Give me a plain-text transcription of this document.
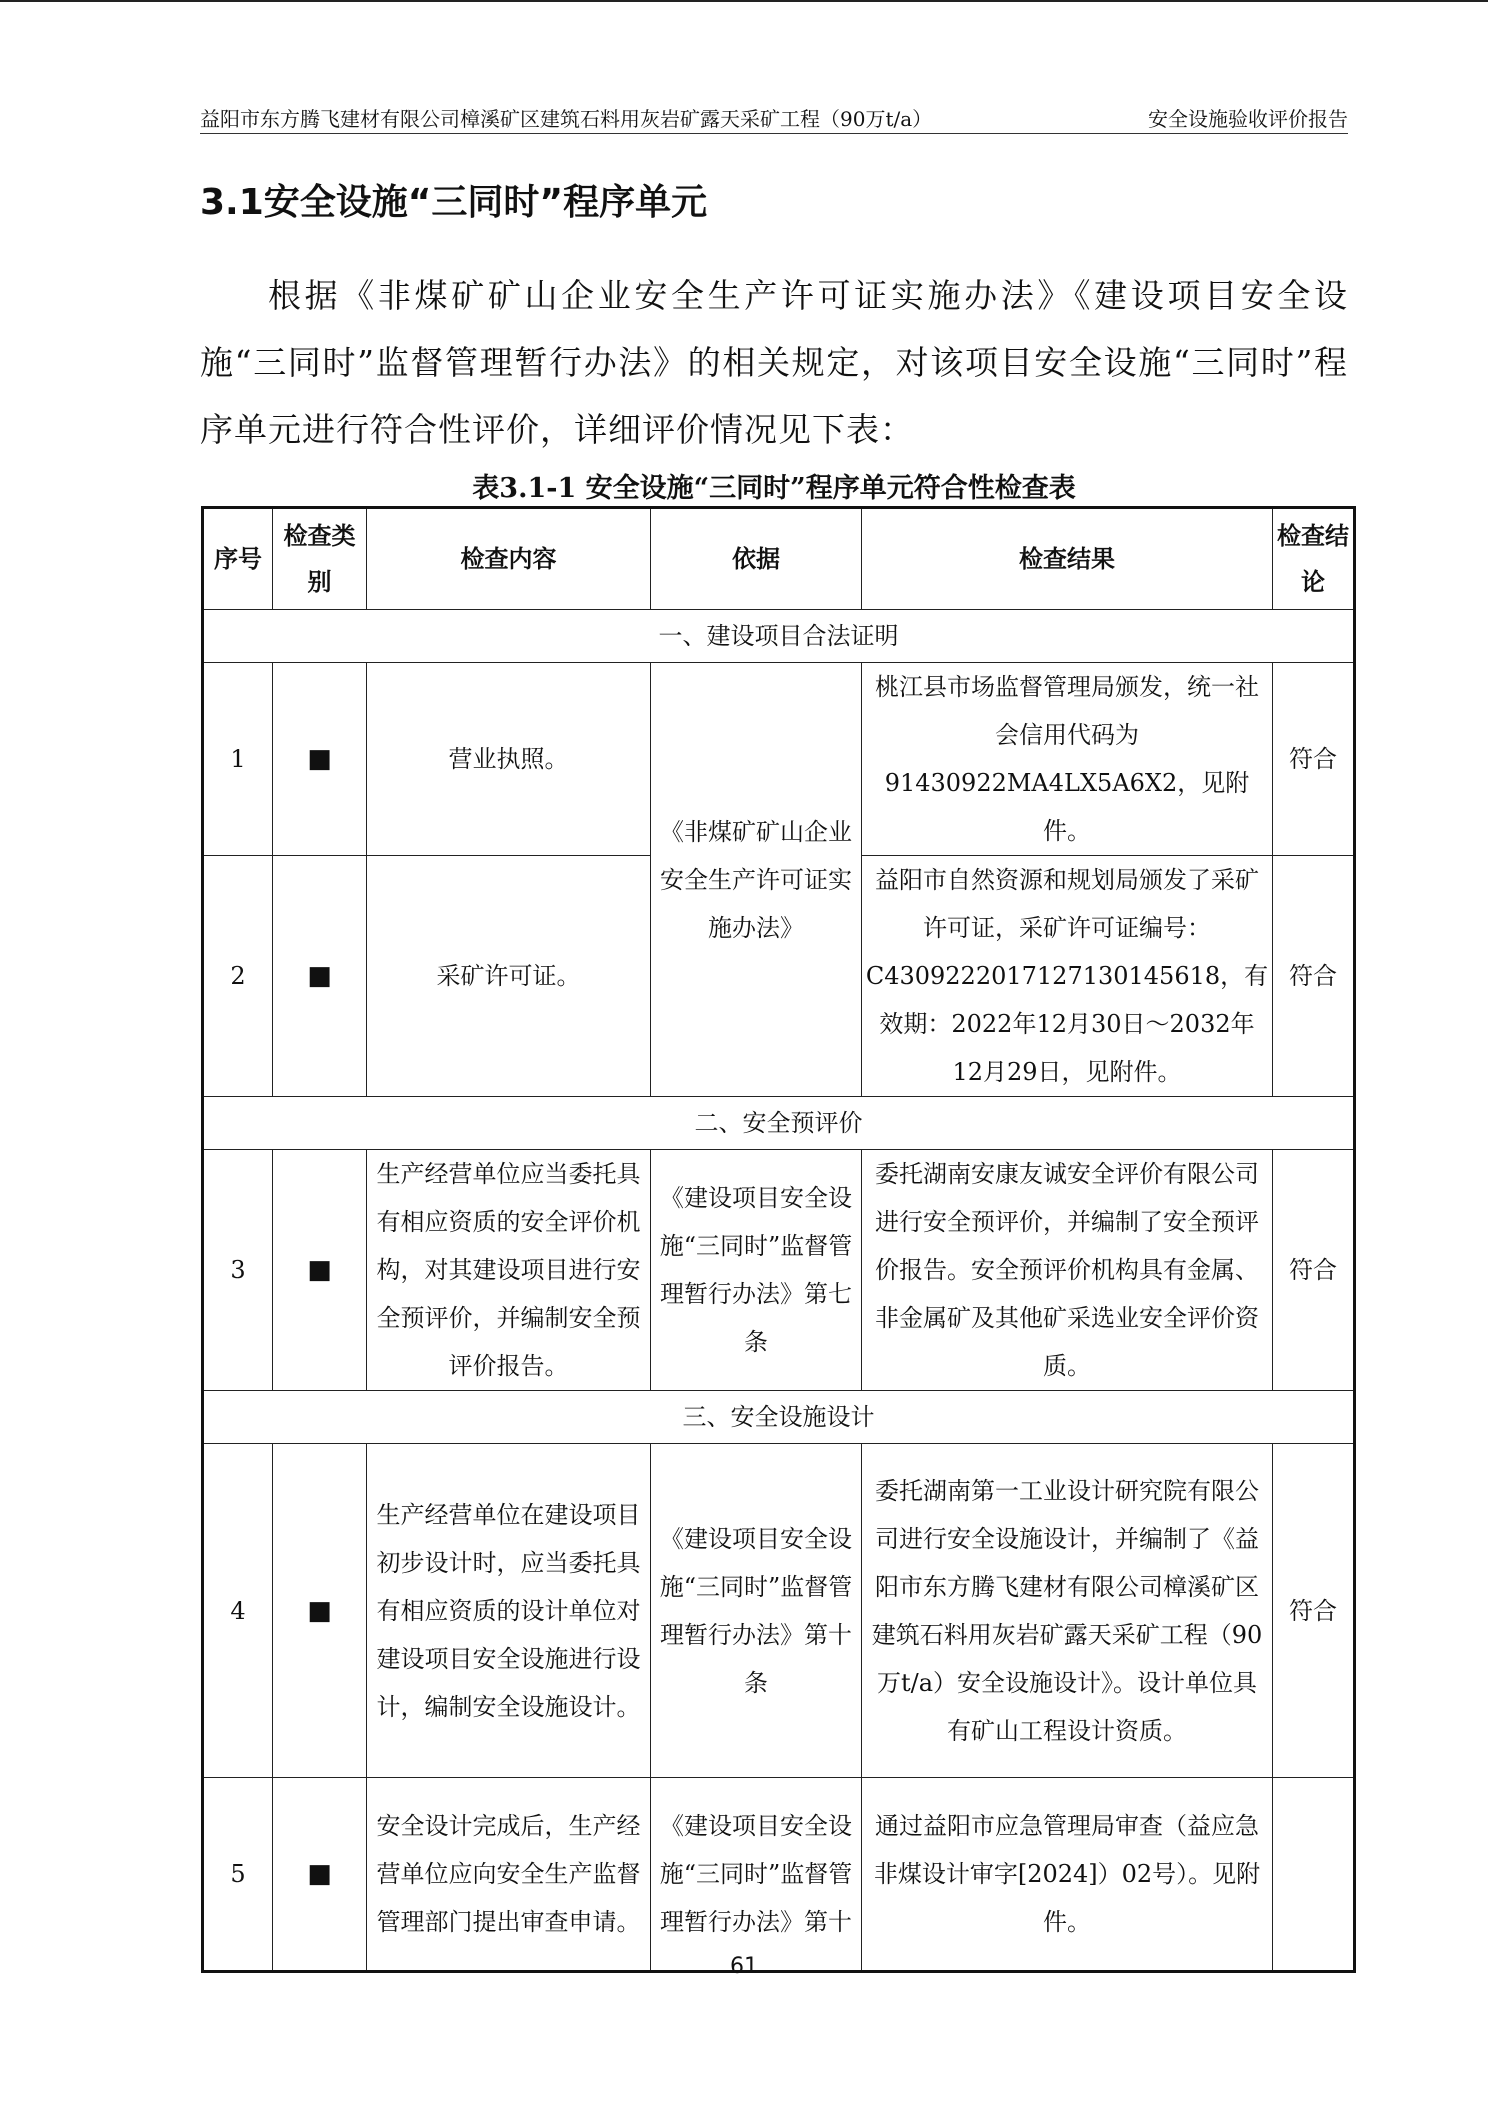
益阳市东方腾飞建材有限公司樟溪矿区建筑石料用灰岩矿露天采矿工程（90万t/a）	安全设施验收评价报告
3.1安全设施“三同时”程序单元

根据《非煤矿矿山企业安全生产许可证实施办法》《建设项目安全设施“三同时”监督管理暂行办法》的相关规定，对该项目安全设施“三同时”程序单元进行符合性评价，详细评价情况见下表：

表3.1-1 安全设施“三同时”程序单元符合性检查表
序号	检查类别	检查内容	依据	检查结果	检查结论
一、建设项目合法证明					
1	■	营业执照。	《非煤矿矿山企业安全生产许可证实施办法》	桃江县市场监督管理局颁发，统一社会信用代码为91430922MA4LX5A6X2，见附件。	符合
2	■	采矿许可证。		益阳市自然资源和规划局颁发了采矿许可证，采矿许可证编号：C4309222017127130145618，有效期：2022年12月30日～2032年12月29日，见附件。	符合
二、安全预评价					
3	■	生产经营单位应当委托具有相应资质的安全评价机构，对其建设项目进行安全预评价，并编制安全预评价报告。	《建设项目安全设施“三同时”监督管理暂行办法》第七条	委托湖南安康友诚安全评价有限公司进行安全预评价，并编制了安全预评价报告。安全预评价机构具有金属、非金属矿及其他矿采选业安全评价资质。	符合
三、安全设施设计					
4	■	生产经营单位在建设项目初步设计时，应当委托具有相应资质的设计单位对建设项目安全设施进行设计，编制安全设施设计。	《建设项目安全设施“三同时”监督管理暂行办法》第十条	委托湖南第一工业设计研究院有限公司进行安全设施设计，并编制了《益阳市东方腾飞建材有限公司樟溪矿区建筑石料用灰岩矿露天采矿工程（90万t/a）安全设施设计》。设计单位具有矿山工程设计资质。	符合
5	■	安全设计完成后，生产经营单位应向安全生产监督管理部门提出审查申请。	《建设项目安全设施“三同时”监督管理暂行办法》第十	通过益阳市应急管理局审查（益应急非煤设计审字[2024]）02号）。见附件。	
61
